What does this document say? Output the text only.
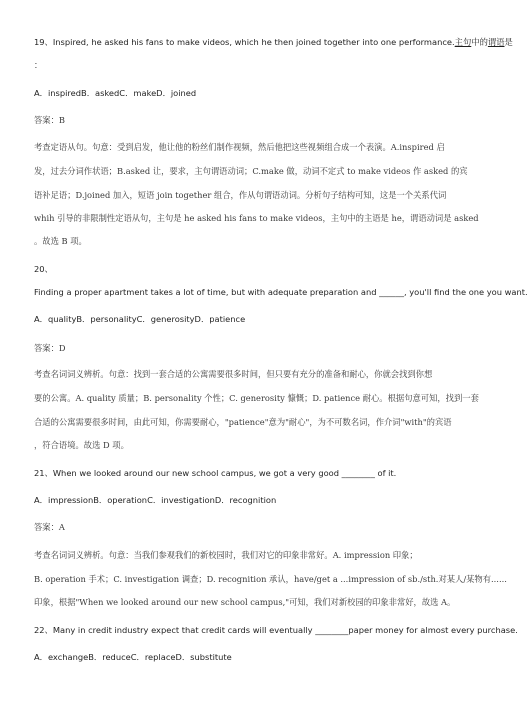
19、Inspired, he asked his fans to make videos, which he then joined together into one performance.主句中的谓语是
：
A．inspiredB．askedC．makeD．joined
答案：B
考查定语从句。句意：受到启发，他让他的粉丝们制作视频，然后他把这些视频组合成一个表演。A.inspired 启
发，过去分词作状语；B.asked 让，要求，主句谓语动词；C.make 做，动词不定式 to make videos 作 asked 的宾
语补足语；D.joined 加入，短语 join together 组合，作从句谓语动词。分析句子结构可知，这是一个关系代词
whih 引导的非限制性定语从句，主句是 he asked his fans to make videos，主句中的主语是 he，谓语动词是 asked
。故选 B 项。
20、
Finding a proper apartment takes a lot of time, but with adequate preparation and ______, you'll find the one you want.
A．qualityB．personalityC．generosityD．patience
答案：D
考查名词词义辨析。句意：找到一套合适的公寓需要很多时间，但只要有充分的准备和耐心，你就会找到你想
要的公寓。A. quality 质量；B. personality 个性；C. generosity 慷慨；D. patience 耐心。根据句意可知，找到一套
合适的公寓需要很多时间，由此可知，你需要耐心，"patience"意为"耐心"，为不可数名词，作介词"with"的宾语
，符合语境。故选 D 项。
21、When we looked around our new school campus, we got a very good ________ of it.
A．impressionB．operationC．investigationD．recognition
答案：A
考查名词词义辨析。句意：当我们参观我们的新校园时，我们对它的印象非常好。A. impression 印象；
B. operation 手术；C. investigation 调查；D. recognition 承认，have/get a ...impression of sb./sth.对某人/某物有......
印象，根据"When we looked around our new school campus,"可知，我们对新校园的印象非常好，故选 A。
22、Many in credit industry expect that credit cards will eventually ________paper money for almost every purchase.
A．exchangeB．reduceC．replaceD．substitute
